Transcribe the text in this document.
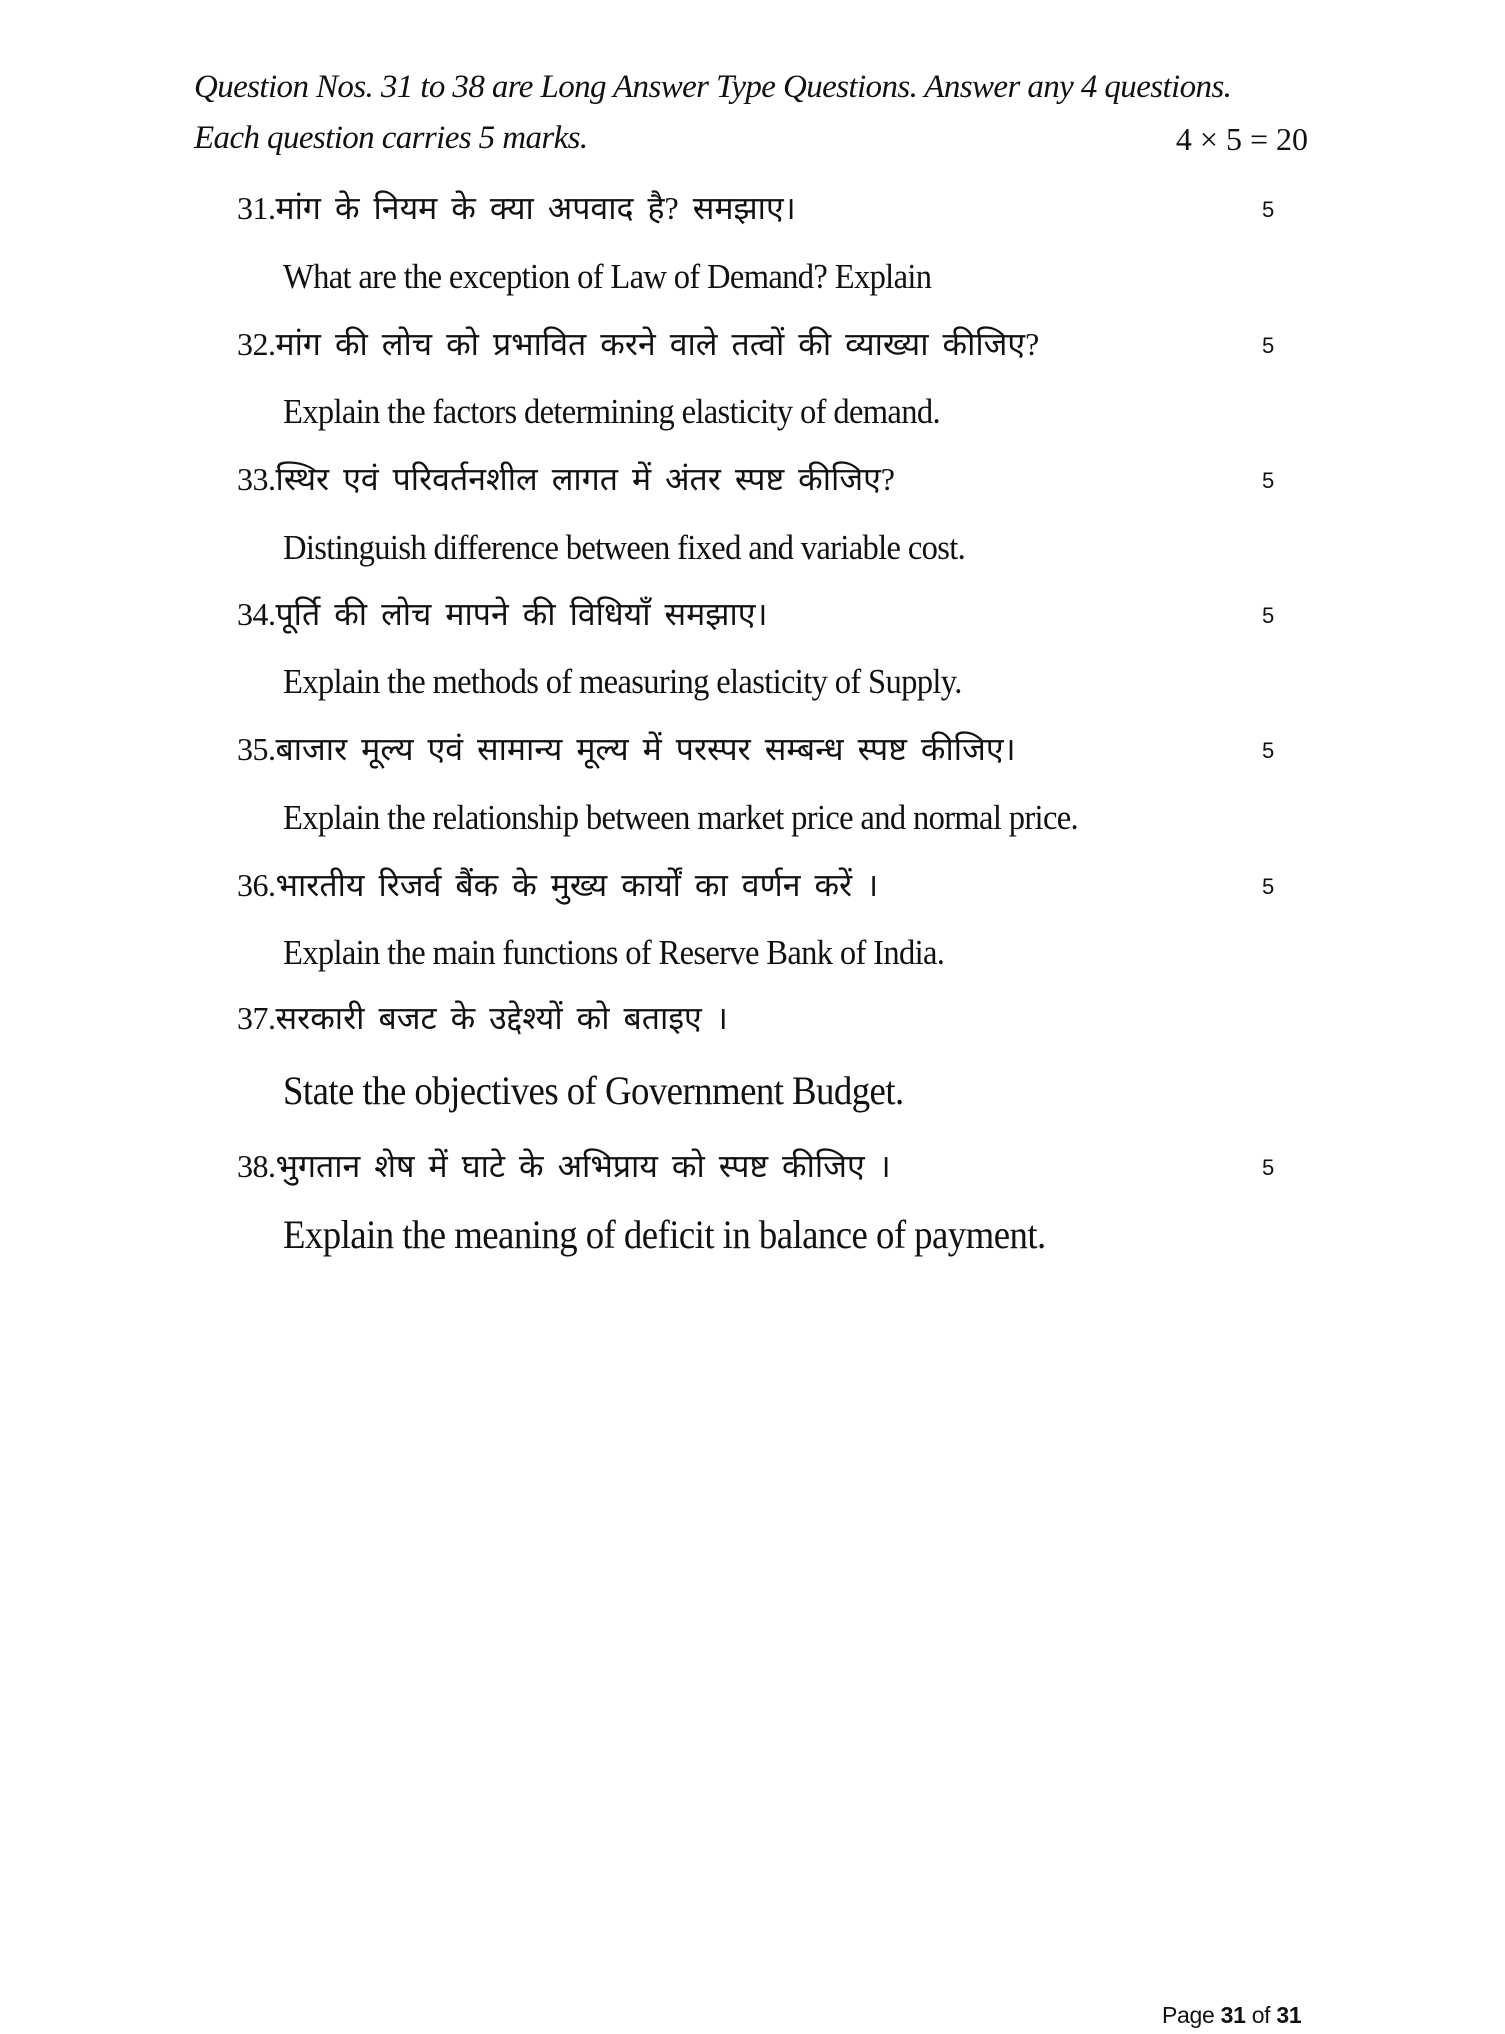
Question Nos. 31 to 38 are Long Answer Type Questions. Answer any 4 questions.
Each question carries 5 marks.	4 × 5 = 20
31.मांग के नियम के क्या अपवाद है? समझाए।	5
What are the exception of Law of Demand? Explain
32.मांग की लोच को प्रभावित करने वाले तत्वों की व्याख्या कीजिए?	5
Explain the factors determining elasticity of demand.
33.स्थिर एवं परिवर्तनशील लागत में अंतर स्पष्ट कीजिए?	5
Distinguish difference between fixed and variable cost.
34.पूर्ति की लोच मापने की विधियाँ समझाए।	5
Explain the methods of measuring elasticity of Supply.
35.बाजार मूल्य एवं सामान्य मूल्य में परस्पर सम्बन्ध स्पष्ट कीजिए।	5
Explain the relationship between market price and normal price.
36.भारतीय रिजर्व बैंक के मुख्य कार्यों का वर्णन करें ।	5
Explain the main functions of Reserve Bank of India.
37.सरकारी बजट के उद्देश्यों को बताइए ।
State the objectives of Government Budget.
38.भुगतान शेष में घाटे के अभिप्राय को स्पष्ट कीजिए ।	5
Explain the meaning of deficit in balance of payment.
Page 31 of 31
